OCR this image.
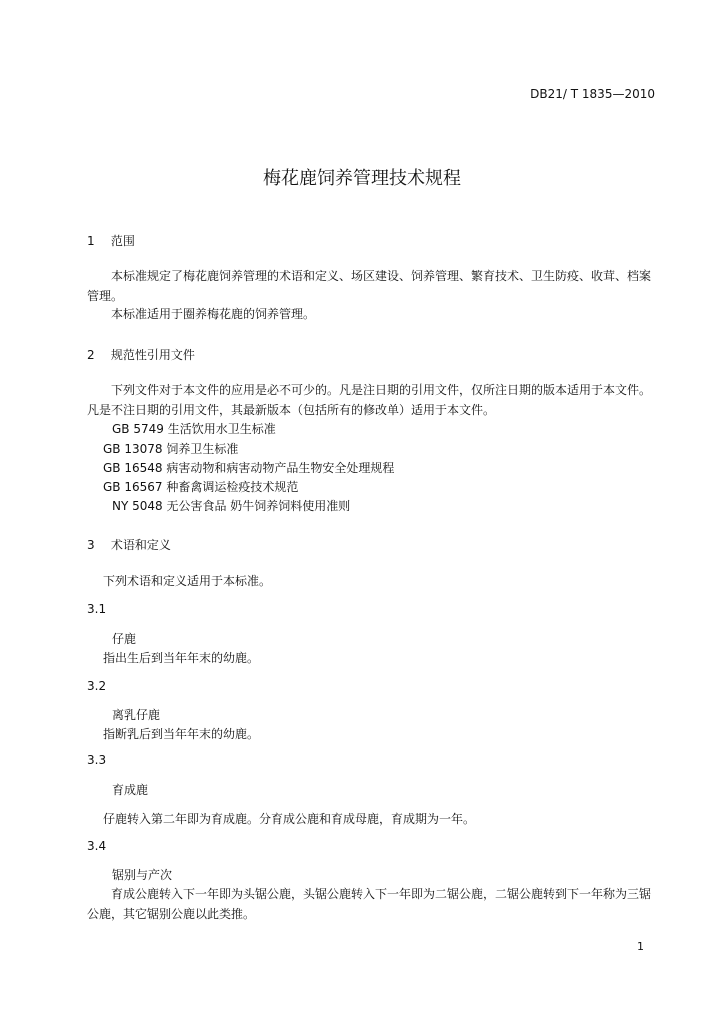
DB21/ T 1835—2010
梅花鹿饲养管理技术规程
1 范围
本标准规定了梅花鹿饲养管理的术语和定义、场区建设、饲养管理、繁育技术、卫生防疫、收茸、档案管理。
本标准适用于圈养梅花鹿的饲养管理。
2 规范性引用文件
下列文件对于本文件的应用是必不可少的。凡是注日期的引用文件，仅所注日期的版本适用于本文件。凡是不注日期的引用文件，其最新版本（包括所有的修改单）适用于本文件。
GB 5749 生活饮用水卫生标准
GB 13078 饲养卫生标准
GB 16548 病害动物和病害动物产品生物安全处理规程
GB 16567 种畜禽调运检疫技术规范
NY 5048 无公害食品 奶牛饲养饲料使用准则
3 术语和定义
下列术语和定义适用于本标准。
3.1
仔鹿
指出生后到当年年末的幼鹿。
3.2
离乳仔鹿
指断乳后到当年年末的幼鹿。
3.3
育成鹿
仔鹿转入第二年即为育成鹿。分育成公鹿和育成母鹿，育成期为一年。
3.4
锯别与产次
育成公鹿转入下一年即为头锯公鹿，头锯公鹿转入下一年即为二锯公鹿，二锯公鹿转到下一年称为三锯公鹿，其它锯别公鹿以此类推。
1
